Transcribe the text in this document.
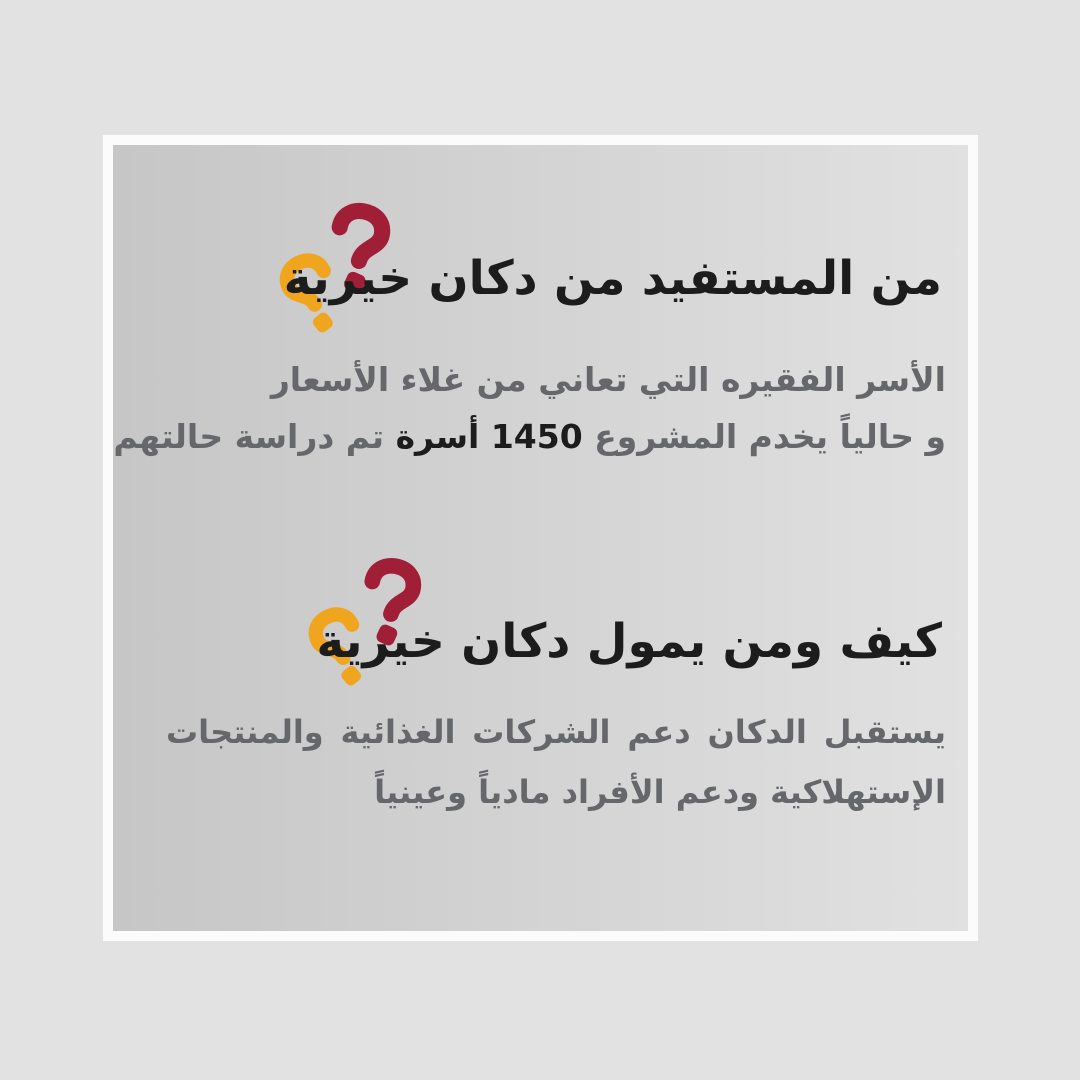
من المستفيد من دكان خيرية
الأسر الفقيره التي تعاني من غلاء الأسعار
و حالياً يخدم المشروع 1450 أسرة تم دراسة حالتهم
كيف ومن يمول دكان خيرية
يستقبل الدكان دعم الشركات الغذائية والمنتجات
الإستهلاكية ودعم الأفراد مادياً وعينياً
